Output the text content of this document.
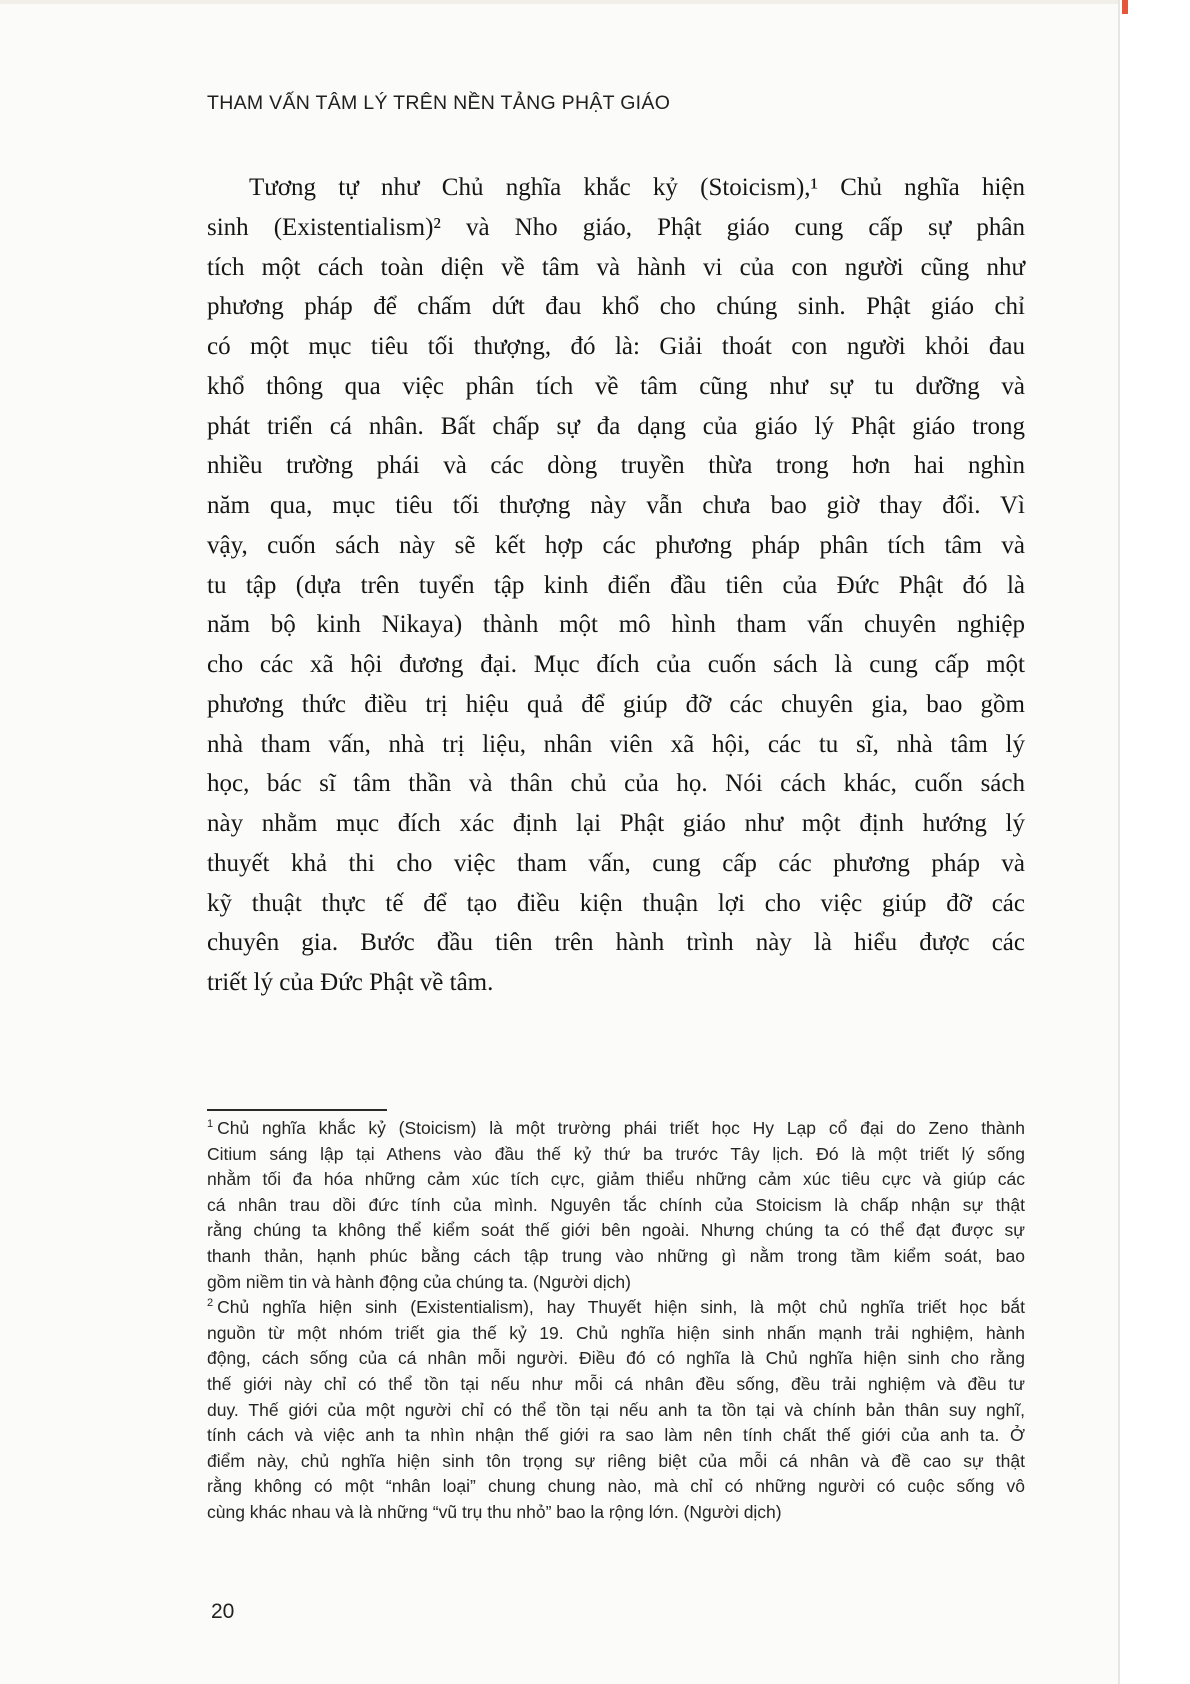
THAM VẤN TÂM LÝ TRÊN NỀN TẢNG PHẬT GIÁO
Tương tự như Chủ nghĩa khắc kỷ (Stoicism),¹ Chủ nghĩa hiện
sinh (Existentialism)² và Nho giáo, Phật giáo cung cấp sự phân
tích một cách toàn diện về tâm và hành vi của con người cũng như
phương pháp để chấm dứt đau khổ cho chúng sinh. Phật giáo chỉ
có một mục tiêu tối thượng, đó là: Giải thoát con người khỏi đau
khổ thông qua việc phân tích về tâm cũng như sự tu dưỡng và
phát triển cá nhân. Bất chấp sự đa dạng của giáo lý Phật giáo trong
nhiều trường phái và các dòng truyền thừa trong hơn hai nghìn
năm qua, mục tiêu tối thượng này vẫn chưa bao giờ thay đổi. Vì
vậy, cuốn sách này sẽ kết hợp các phương pháp phân tích tâm và
tu tập (dựa trên tuyển tập kinh điển đầu tiên của Đức Phật đó là
năm bộ kinh Nikaya) thành một mô hình tham vấn chuyên nghiệp
cho các xã hội đương đại. Mục đích của cuốn sách là cung cấp một
phương thức điều trị hiệu quả để giúp đỡ các chuyên gia, bao gồm
nhà tham vấn, nhà trị liệu, nhân viên xã hội, các tu sĩ, nhà tâm lý
học, bác sĩ tâm thần và thân chủ của họ. Nói cách khác, cuốn sách
này nhằm mục đích xác định lại Phật giáo như một định hướng lý
thuyết khả thi cho việc tham vấn, cung cấp các phương pháp và
kỹ thuật thực tế để tạo điều kiện thuận lợi cho việc giúp đỡ các
chuyên gia. Bước đầu tiên trên hành trình này là hiểu được các
triết lý của Đức Phật về tâm.
$^1$ Chủ nghĩa khắc kỷ (Stoicism) là một trường phái triết học Hy Lạp cổ đại do Zeno thành
Citium sáng lập tại Athens vào đầu thế kỷ thứ ba trước Tây lịch. Đó là một triết lý sống
nhằm tối đa hóa những cảm xúc tích cực, giảm thiểu những cảm xúc tiêu cực và giúp các
cá nhân trau dồi đức tính của mình. Nguyên tắc chính của Stoicism là chấp nhận sự thật
rằng chúng ta không thể kiểm soát thế giới bên ngoài. Nhưng chúng ta có thể đạt được sự
thanh thản, hạnh phúc bằng cách tập trung vào những gì nằm trong tầm kiểm soát, bao
gồm niềm tin và hành động của chúng ta. (Người dịch)
$^2$ Chủ nghĩa hiện sinh (Existentialism), hay Thuyết hiện sinh, là một chủ nghĩa triết học bắt
nguồn từ một nhóm triết gia thế kỷ 19. Chủ nghĩa hiện sinh nhấn mạnh trải nghiệm, hành
động, cách sống của cá nhân mỗi người. Điều đó có nghĩa là Chủ nghĩa hiện sinh cho rằng
thế giới này chỉ có thể tồn tại nếu như mỗi cá nhân đều sống, đều trải nghiệm và đều tư
duy. Thế giới của một người chỉ có thể tồn tại nếu anh ta tồn tại và chính bản thân suy nghĩ,
tính cách và việc anh ta nhìn nhận thế giới ra sao làm nên tính chất thế giới của anh ta. Ở
điểm này, chủ nghĩa hiện sinh tôn trọng sự riêng biệt của mỗi cá nhân và đề cao sự thật
rằng không có một “nhân loại” chung chung nào, mà chỉ có những người có cuộc sống vô
cùng khác nhau và là những “vũ trụ thu nhỏ” bao la rộng lớn. (Người dịch)
20
